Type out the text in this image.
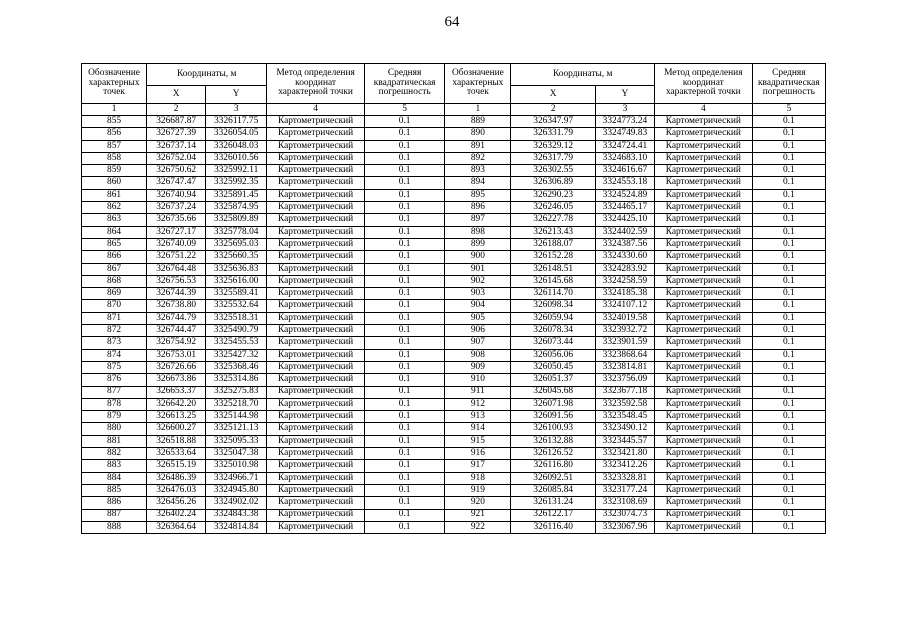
64
Обозначение характерных точек	Координаты, м		Метод определения координат характерной точки	Средняя квадратическая погрешность	Обозначение характерных точек	Координаты, м		Метод определения координат характерной точки	Средняя квадратическая погрешность
	X	Y				X	Y		
1	2	3	4	5	1	2	3	4	5
855	326687.87	3326117.75	Картометрический	0.1	889	326347.97	3324773.24	Картометрический	0.1
856	326727.39	3326054.05	Картометрический	0.1	890	326331.79	3324749.83	Картометрический	0.1
857	326737.14	3326048.03	Картометрический	0.1	891	326329.12	3324724.41	Картометрический	0.1
858	326752.04	3326010.56	Картометрический	0.1	892	326317.79	3324683.10	Картометрический	0.1
859	326750.62	3325992.11	Картометрический	0.1	893	326302.55	3324616.67	Картометрический	0.1
860	326747.47	3325992.35	Картометрический	0.1	894	326306.89	3324553.18	Картометрический	0.1
861	326740.94	3325891.45	Картометрический	0.1	895	326290.23	3324524.89	Картометрический	0.1
862	326737.24	3325874.95	Картометрический	0.1	896	326246.05	3324465.17	Картометрический	0.1
863	326735.66	3325809.89	Картометрический	0.1	897	326227.78	3324425.10	Картометрический	0.1
864	326727.17	3325778.04	Картометрический	0.1	898	326213.43	3324402.59	Картометрический	0.1
865	326740.09	3325695.03	Картометрический	0.1	899	326188.07	3324387.56	Картометрический	0.1
866	326751.22	3325660.35	Картометрический	0.1	900	326152.28	3324330.60	Картометрический	0.1
867	326764.48	3325636.83	Картометрический	0.1	901	326148.51	3324283.92	Картометрический	0.1
868	326756.53	3325616.00	Картометрический	0.1	902	326145.68	3324258.59	Картометрический	0.1
869	326744.39	3325589.41	Картометрический	0.1	903	326114.70	3324185.38	Картометрический	0.1
870	326738.80	3325532.64	Картометрический	0.1	904	326098.34	3324107.12	Картометрический	0.1
871	326744.79	3325518.31	Картометрический	0.1	905	326059.94	3324019.58	Картометрический	0.1
872	326744.47	3325490.79	Картометрический	0.1	906	326078.34	3323932.72	Картометрический	0.1
873	326754.92	3325455.53	Картометрический	0.1	907	326073.44	3323901.59	Картометрический	0.1
874	326753.01	3325427.32	Картометрический	0.1	908	326056.06	3323868.64	Картометрический	0.1
875	326726.66	3325368.46	Картометрический	0.1	909	326050.45	3323814.81	Картометрический	0.1
876	326673.86	3325314.86	Картометрический	0.1	910	326051.37	3323756.09	Картометрический	0.1
877	326653.37	3325275.83	Картометрический	0.1	911	326045.68	3323677.18	Картометрический	0.1
878	326642.20	3325218.70	Картометрический	0.1	912	326071.98	3323592.58	Картометрический	0.1
879	326613.25	3325144.98	Картометрический	0.1	913	326091.56	3323548.45	Картометрический	0.1
880	326600.27	3325121.13	Картометрический	0.1	914	326100.93	3323490.12	Картометрический	0.1
881	326518.88	3325095.33	Картометрический	0.1	915	326132.88	3323445.57	Картометрический	0.1
882	326533.64	3325047.38	Картометрический	0.1	916	326126.52	3323421.80	Картометрический	0.1
883	326515.19	3325010.98	Картометрический	0.1	917	326116.80	3323412.26	Картометрический	0.1
884	326486.39	3324966.71	Картометрический	0.1	918	326092.51	3323328.81	Картометрический	0.1
885	326476.03	3324945.80	Картометрический	0.1	919	326085.84	3323177.24	Картометрический	0.1
886	326456.26	3324902.02	Картометрический	0.1	920	326131.24	3323108.69	Картометрический	0.1
887	326402.24	3324843.38	Картометрический	0.1	921	326122.17	3323074.73	Картометрический	0.1
888	326364.64	3324814.84	Картометрический	0.1	922	326116.40	3323067.96	Картометрический	0.1
